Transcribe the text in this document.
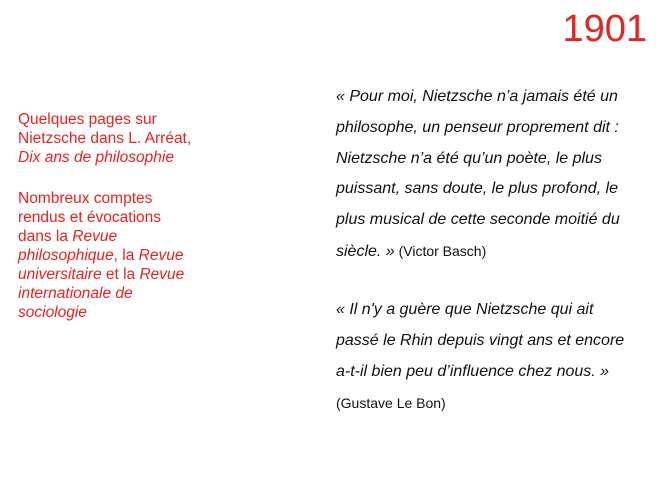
1901
Quelques pages sur Nietzsche dans L. Arréat, Dix ans de philosophie
Nombreux comptes rendus et évocations dans la Revue philosophique, la Revue universitaire et la Revue internationale de sociologie
« Pour moi, Nietzsche n’a jamais été un philosophe, un penseur proprement dit : Nietzsche n’a été qu’un poète, le plus puissant, sans doute, le plus profond, le plus musical de cette seconde moitié du siècle. » (Victor Basch)
« Il n'y a guère que Nietzsche qui ait passé le Rhin depuis vingt ans et encore a-t-il bien peu d’influence chez nous. » (Gustave Le Bon)
